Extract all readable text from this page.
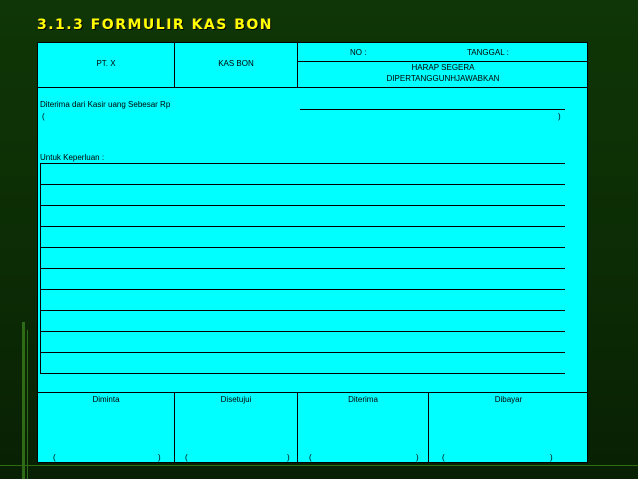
3.1.3 FORMULIR KAS BON
PT. X	KAS BON
NO :	TANGGAL :
HARAP SEGERA
DIPERTANGGUNHJAWABKAN
Diterima dari Kasir uang Sebesar Rp
(	)
Untuk Keperluan :
Diminta	Disetujui	Diterima	Dibayar
(	)	(	) (	)	(	)
